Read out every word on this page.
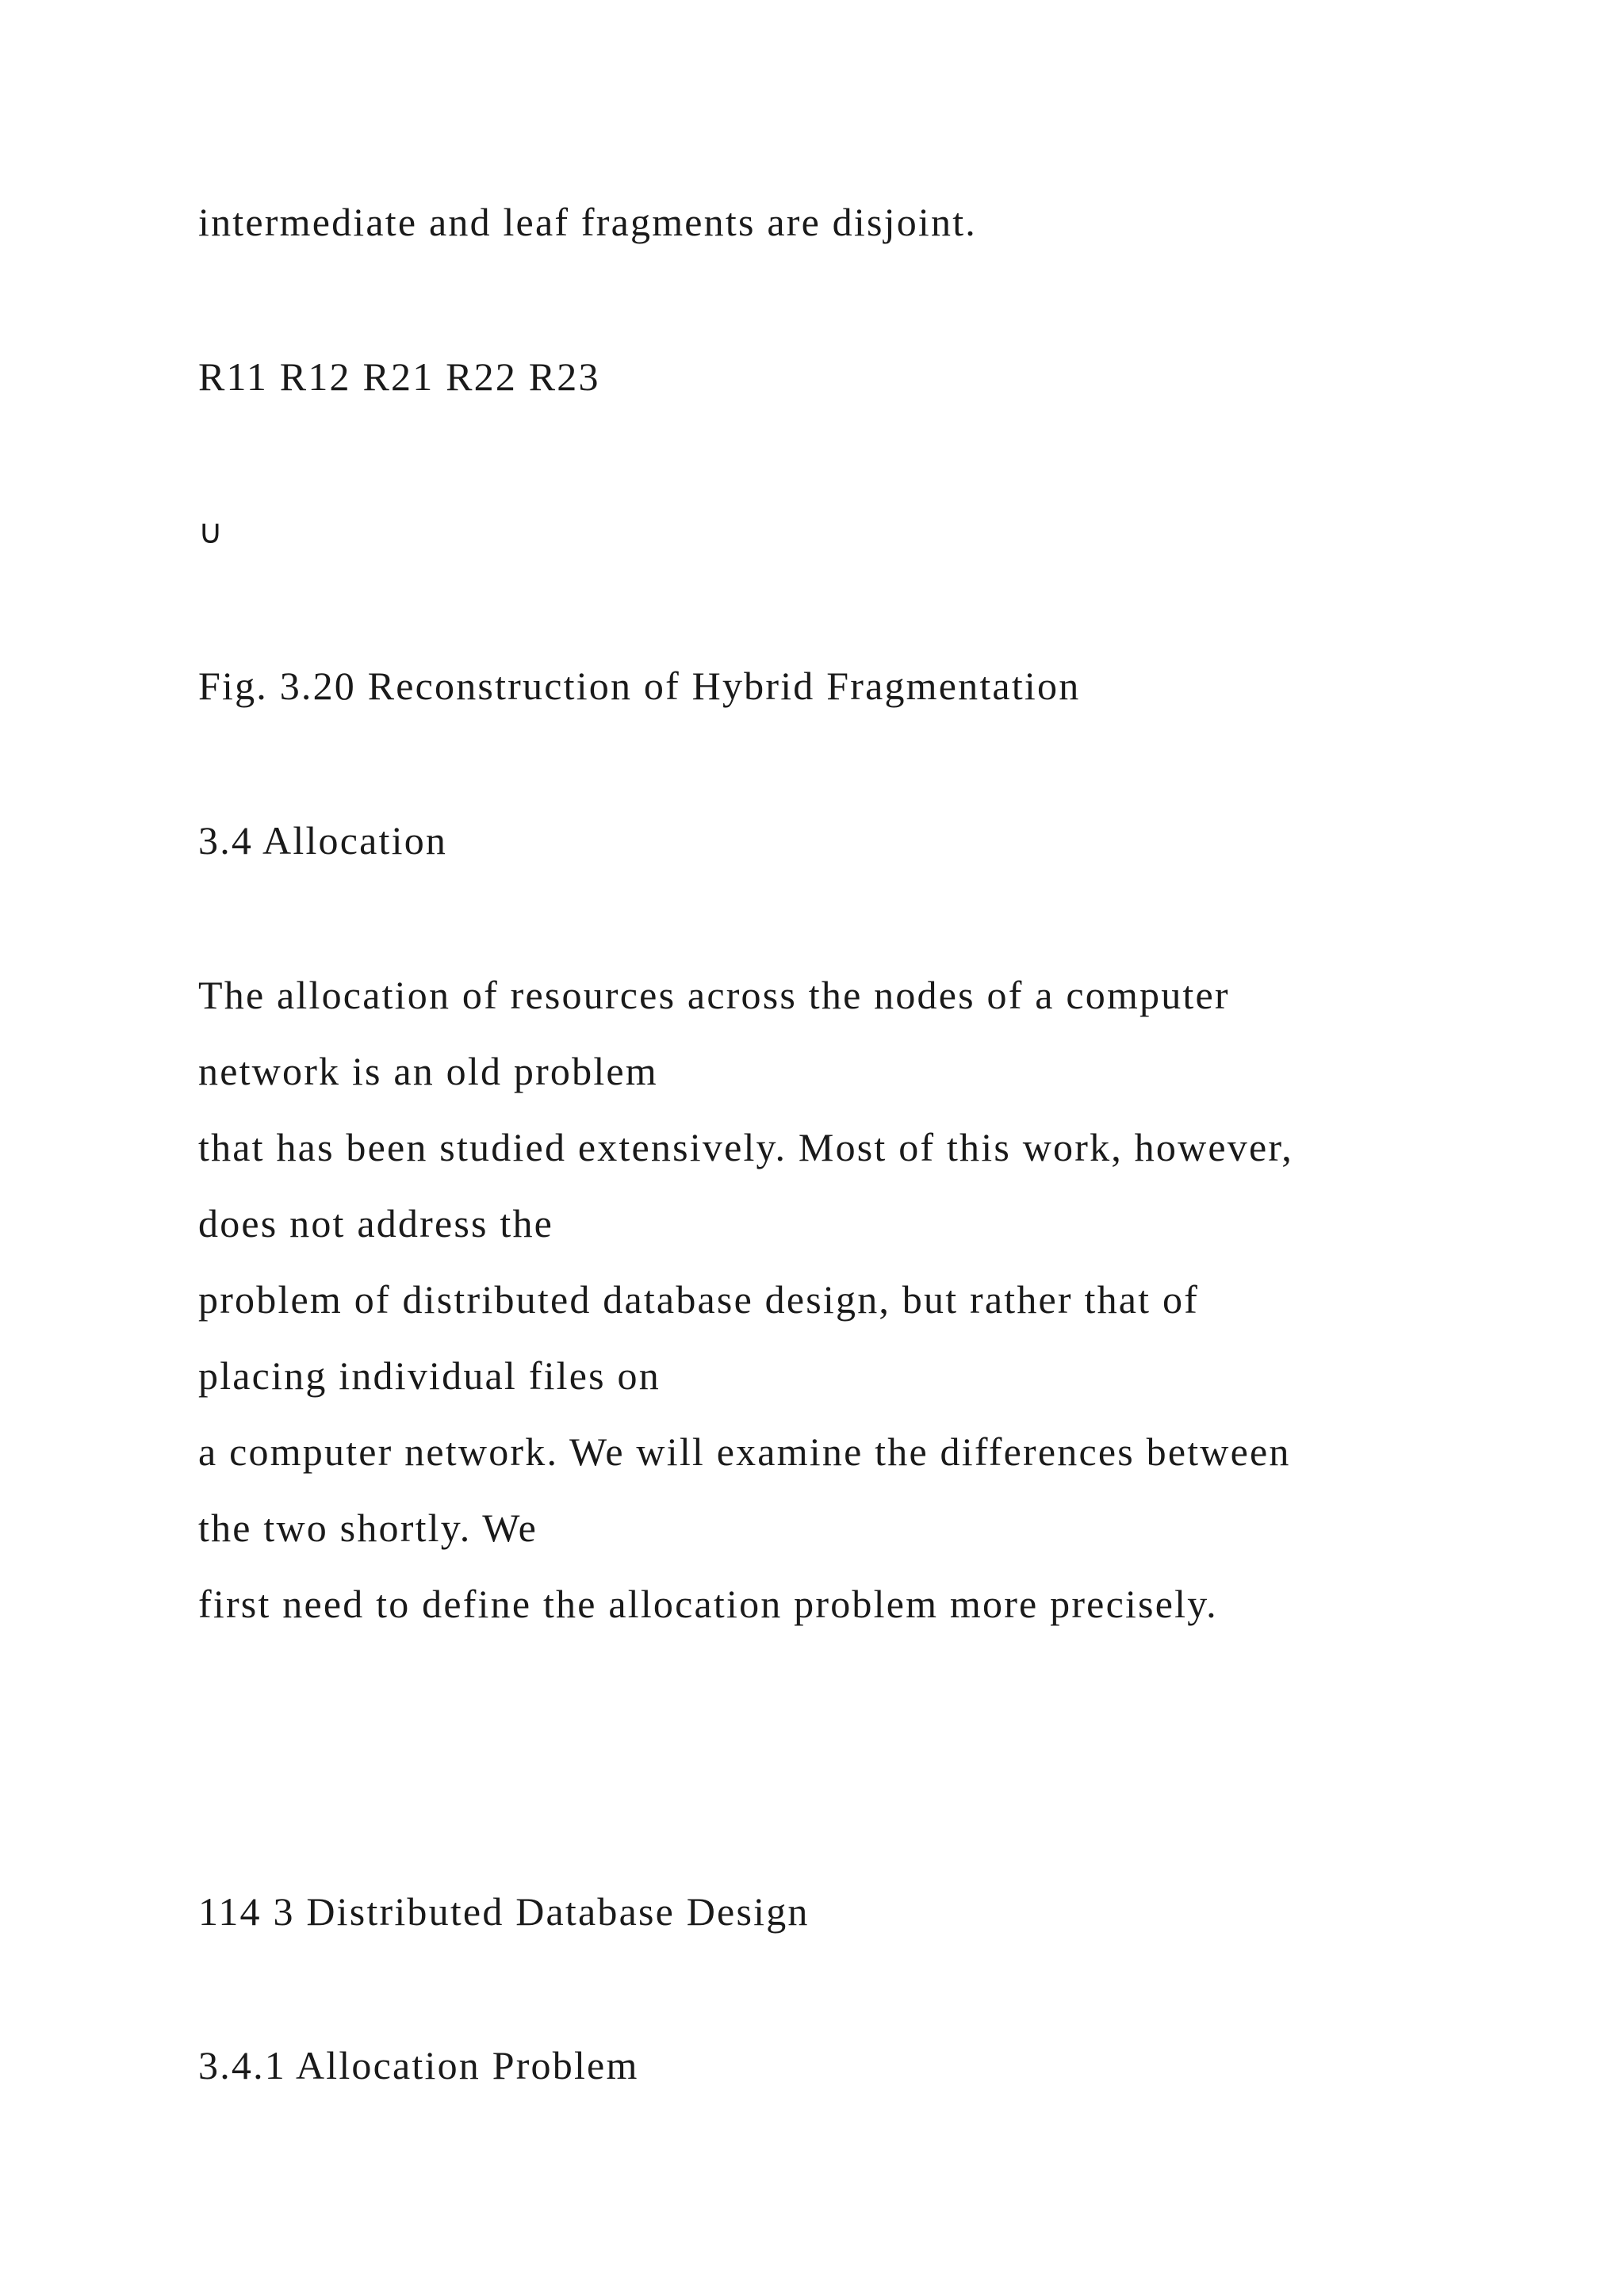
intermediate and leaf fragments are disjoint.

R11 R12 R21 R22 R23

∪

Fig. 3.20 Reconstruction of Hybrid Fragmentation

3.4 Allocation

The allocation of resources across the nodes of a computer

network is an old problem

that has been studied extensively. Most of this work, however,

does not address the

problem of distributed database design, but rather that of

placing individual files on

a computer network. We will examine the differences between

the two shortly. We

first need to define the allocation problem more precisely.

114 3 Distributed Database Design

3.4.1 Allocation Problem
